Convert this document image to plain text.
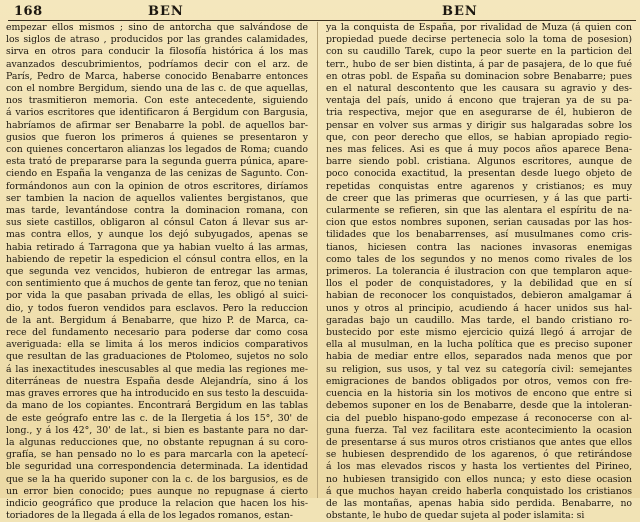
168	BEN	BEN
empezar ellos mismos ; sino de antorcha que salvándose de
los siglos de atraso , producidos por las grandes calamidades,
sirva en otros para conducir la filosofía histórica á los mas
avanzados descubrimientos, podríamos decir con el arz. de
París, Pedro de Marca, haberse conocido Benabarre entonces
con el nombre Bergidum, siendo una de las c. de que aquellas,
nos trasmitieron memoria. Con este antecedente, siguiendo
á varios escritores que identificaron á Bergidum con Bargusia,
habríamos de afirmar ser Benabarre la pobl. de aquellos bar-
gusios que fueron los primeros á quienes se presentaron y
con quienes concertaron alianzas los legados de Roma; cuando
esta trató de prepararse para la segunda guerra púnica, apare-
ciendo en España la venganza de las cenizas de Sagunto. Con-
formándonos aun con la opinion de otros escritores, diríamos
ser tambien la nacion de aquellos valientes bergistanos, que
mas tarde, levantándose contra la dominacion romana, con
sus siete castillos, obligaron al cónsul Caton á llevar sus ar-
mas contra ellos, y aunque los dejó subyugados, apenas se
habia retirado á Tarragona que ya habian vuelto á las armas,
habiendo de repetir la espedicion el cónsul contra ellos, en la
que segunda vez vencidos, hubieron de entregar las armas,
con sentimiento que á muchos de gente tan feroz, que no tenian
por vida la que pasaban privada de ellas, les obligó al suici-
dio, y todos fueron vendidos para esclavos. Pero la reduccion
de la ant. Bergidum á Benabarre, que hizo P. de Marca, ca-
rece del fundamento necesario para poderse dar como cosa
averiguada: ella se limita á los meros indicios comparativos
que resultan de las graduaciones de Ptolomeo, sujetos no solo
á las inexactitudes inescusables al que media las regiones me-
diterráneas de nuestra España desde Alejandría, sino á los
mas graves errores que ha introducido en sus testo la descuida-
da mano de los copiantes. Encontrará Bergidum en las tablas
de este geógrafo entre las c. de la Ilergetia á los 15°, 30' de
long., y á los 42°, 30' de lat., si bien es bastante para no dar-
la algunas reducciones que, no obstante repugnan á su coro-
grafía, se han pensado no lo es para marcarla con la apetecí-
ble seguridad una correspondencia determinada. La identidad
que se la ha querido suponer con la c. de los bargusios, es de
un error bien conocido; pues aunque no repugnase á cierto
indicio geográfico que produce la relacion que hacen los his-
toriadores de la llegada á ella de los legados romanos, estan-
ya la conquista de España, por rivalidad de Muza (á quien con
propiedad puede decirse pertenecia solo la toma de posesion)
con su caudillo Tarek, cupo la peor suerte en la particion del
terr., hubo de ser bien distinta, á par de pasajera, de lo que fué
en otras pobl. de España su dominacion sobre Benabarre; pues
en el natural descontento que les causara su agravio y des-
ventaja del país, unido á encono que trajeran ya de su pa-
tria respectiva, mejor que en asegurarse de él, hubieron de
pensar en volver sus armas y dirigir sus halgaradas sobre los
que, con peor derecho que ellos, se habian apropiado regio-
nes mas felices. Asi es que á muy pocos años aparece Bena-
barre siendo pobl. cristiana. Algunos escritores, aunque de
poco conocida exactitud, la presentan desde luego objeto de
repetidas conquistas entre agarenos y cristianos; es muy
de creer que las primeras que ocurriesen, y á las que parti-
cularmente se refieren, sin que las alentara el espíritu de na-
cion que estos nombres suponen, serian causadas por las hos-
tilidades que los benabarrenses, así musulmanes como cris-
tianos, hiciesen contra las naciones invasoras enemigas
como tales de los segundos y no menos como rivales de los
primeros. La tolerancia é ilustracion con que templaron aque-
llos el poder de conquistadores, y la debilidad que en sí
habian de reconocer los conquistados, debieron amalgamar á
unos y otros al principio, acudiendo á hacer unidos sus hal-
garadas bajo un caudillo. Mas tarde, el bando cristiano ro-
bustecido por este mismo ejercicio quizá llegó á arrojar de
ella al musulman, en la lucha política que es preciso suponer
habia de mediar entre ellos, separados nada menos que por
su religion, sus usos, y tal vez su categoría civil: semejantes
emigraciones de bandos obligados por otros, vemos con fre-
cuencia en la historia sin los motivos de encono que entre si
debemos suponer en los de Benabarre, desde que la intoleran-
cia del pueblo hispano-godo empezase á reconocerse con al-
guna fuerza. Tal vez facilitara este acontecimiento la ocasion
de presentarse á sus muros otros cristianos que antes que ellos
se hubiesen desprendido de los agarenos, ó que retirándose
á los mas elevados riscos y hasta los vertientes del Pirineo,
no hubiesen transigido con ellos nunca; y esto diese ocasion
á que muchos hayan creido haberla conquistado los cristianos
de las montañas, apenas habia sido perdida. Benabarre, no
obstante, le hubo de quedar sujeta al poder islamita: si
